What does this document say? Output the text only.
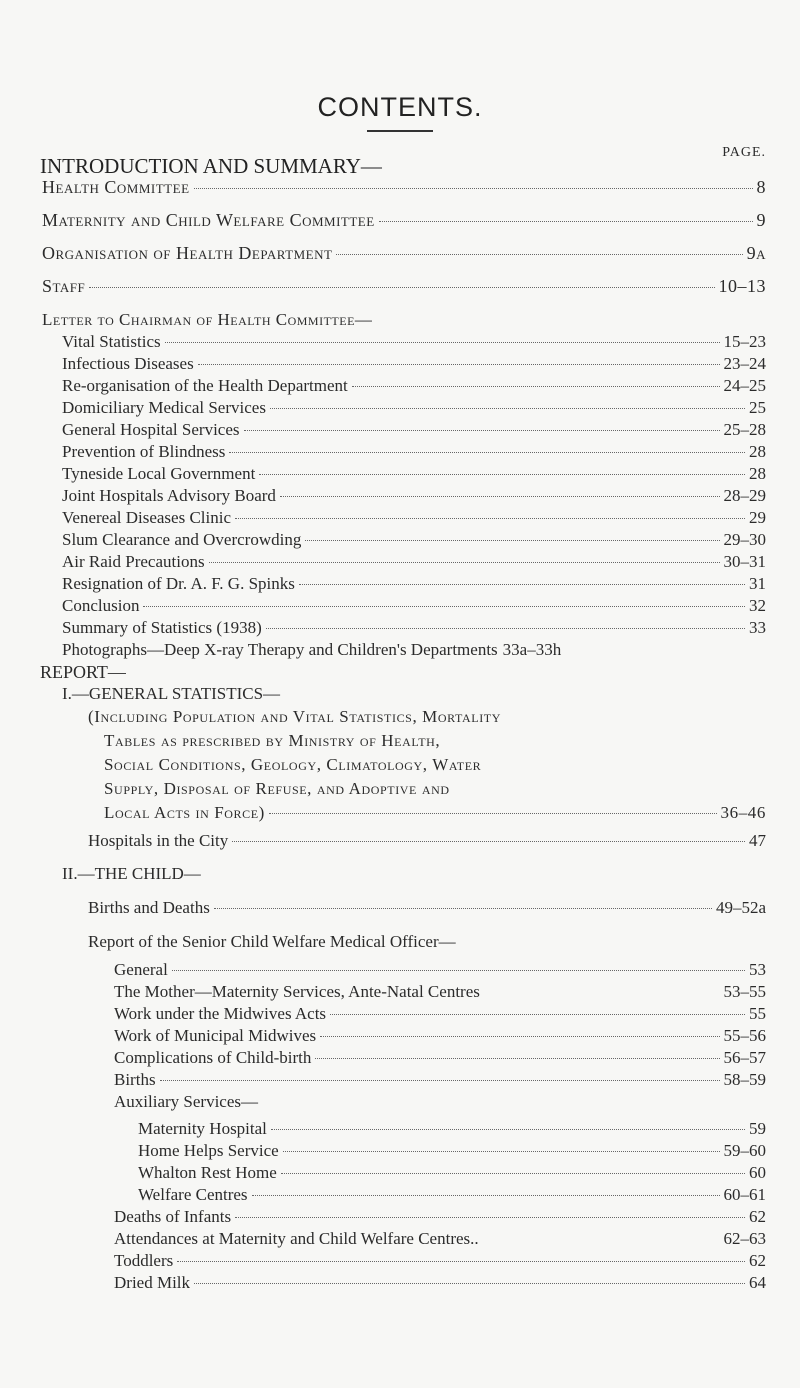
CONTENTS.
INTRODUCTION AND SUMMARY—
PAGE.
Health Committee	8
Maternity and Child Welfare Committee	9
Organisation of Health Department	9a
Staff	10–13
Letter to Chairman of Health Committee—
Vital Statistics	15–23
Infectious Diseases	23–24
Re-organisation of the Health Department	24–25
Domiciliary Medical Services	25
General Hospital Services	25–28
Prevention of Blindness	28
Tyneside Local Government	28
Joint Hospitals Advisory Board	28–29
Venereal Diseases Clinic	29
Slum Clearance and Overcrowding	29–30
Air Raid Precautions	30–31
Resignation of Dr. A. F. G. Spinks	31
Conclusion	32
Summary of Statistics (1938)	33
Photographs—Deep X-ray Therapy and Children's Departments 33a–33h
REPORT—
I.—GENERAL STATISTICS—
(Including Population and Vital Statistics, Mortality
Tables as prescribed by Ministry of Health,
Social Conditions, Geology, Climatology, Water
Supply, Disposal of Refuse, and Adoptive and
Local Acts in Force)	36–46
Hospitals in the City	47
II.—THE CHILD—
Births and Deaths	49–52a
Report of the Senior Child Welfare Medical Officer—
General	53
The Mother—Maternity Services, Ante-Natal Centres	53–55
Work under the Midwives Acts	55
Work of Municipal Midwives	55–56
Complications of Child-birth	56–57
Births	58–59
Auxiliary Services—
Maternity Hospital	59
Home Helps Service	59–60
Whalton Rest Home	60
Welfare Centres	60–61
Deaths of Infants	62
Attendances at Maternity and Child Welfare Centres..	62–63
Toddlers	62
Dried Milk	64
